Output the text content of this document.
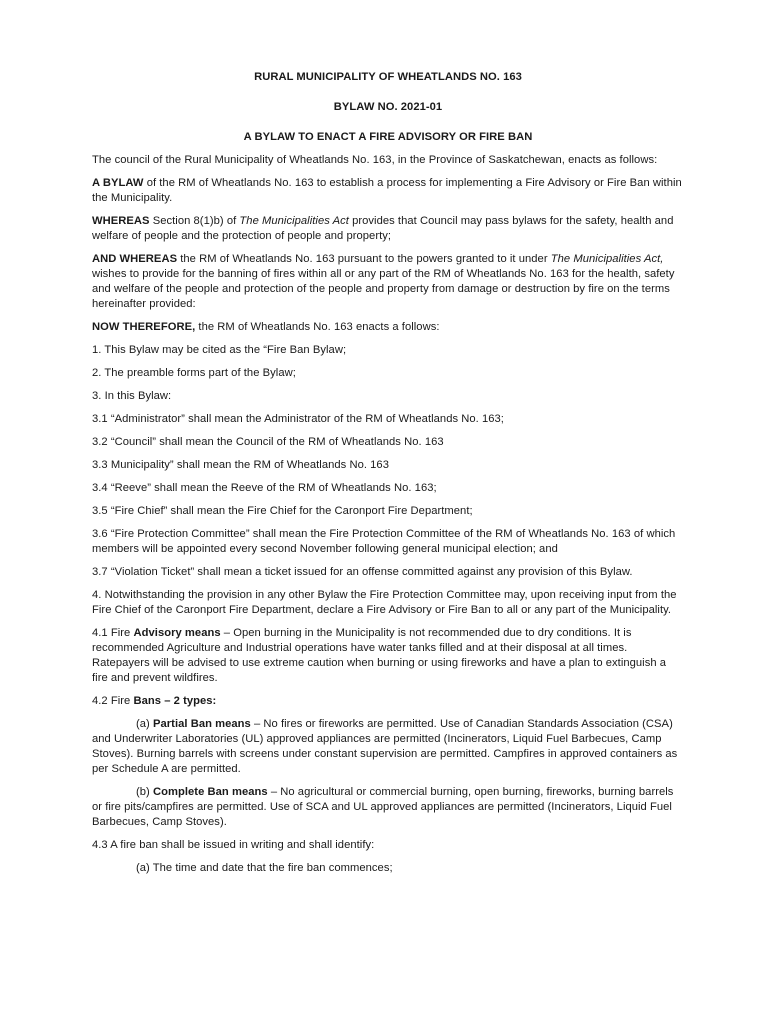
RURAL MUNICIPALITY OF WHEATLANDS NO. 163
BYLAW NO. 2021-01
A BYLAW TO ENACT A FIRE ADVISORY OR FIRE BAN

The council of the Rural Municipality of Wheatlands No. 163, in the Province of Saskatchewan, enacts as follows:

A BYLAW of the RM of Wheatlands No. 163 to establish a process for implementing a Fire Advisory or Fire Ban within the Municipality.

WHEREAS Section 8(1)b) of The Municipalities Act provides that Council may pass bylaws for the safety, health and welfare of people and the protection of people and property;

AND WHEREAS the RM of Wheatlands No. 163 pursuant to the powers granted to it under The Municipalities Act, wishes to provide for the banning of fires within all or any part of the RM of Wheatlands No. 163 for the health, safety and welfare of the people and protection of the people and property from damage or destruction by fire on the terms hereinafter provided:

NOW THEREFORE, the RM of Wheatlands No. 163 enacts a follows:

1. This Bylaw may be cited as the “Fire Ban Bylaw;

2. The preamble forms part of the Bylaw;

3. In this Bylaw:

3.1 “Administrator” shall mean the Administrator of the RM of Wheatlands No. 163;

3.2 “Council” shall mean the Council of the RM of Wheatlands No. 163

3.3 Municipality” shall mean the RM of Wheatlands No. 163

3.4 “Reeve” shall mean the Reeve of the RM of Wheatlands No. 163;

3.5 “Fire Chief” shall mean the Fire Chief for the Caronport Fire Department;

3.6 “Fire Protection Committee” shall mean the Fire Protection Committee of the RM of Wheatlands No. 163 of which members will be appointed every second November following general municipal election; and

3.7 “Violation Ticket” shall mean a ticket issued for an offense committed against any provision of this Bylaw.

4. Notwithstanding the provision in any other Bylaw the Fire Protection Committee may, upon receiving input from the Fire Chief of the Caronport Fire Department, declare a Fire Advisory or Fire Ban to all or any part of the Municipality.

4.1 Fire Advisory means – Open burning in the Municipality is not recommended due to dry conditions. It is recommended Agriculture and Industrial operations have water tanks filled and at their disposal at all times. Ratepayers will be advised to use extreme caution when burning or using fireworks and have a plan to extinguish a fire and prevent wildfires.

4.2 Fire Bans – 2 types:

(a) Partial Ban means – No fires or fireworks are permitted. Use of Canadian Standards Association (CSA) and Underwriter Laboratories (UL) approved appliances are permitted (Incinerators, Liquid Fuel Barbecues, Camp Stoves). Burning barrels with screens under constant supervision are permitted. Campfires in approved containers as per Schedule A are permitted.

(b) Complete Ban means – No agricultural or commercial burning, open burning, fireworks, burning barrels or fire pits/campfires are permitted. Use of SCA and UL approved appliances are permitted (Incinerators, Liquid Fuel Barbecues, Camp Stoves).

4.3 A fire ban shall be issued in writing and shall identify:

(a) The time and date that the fire ban commences;
